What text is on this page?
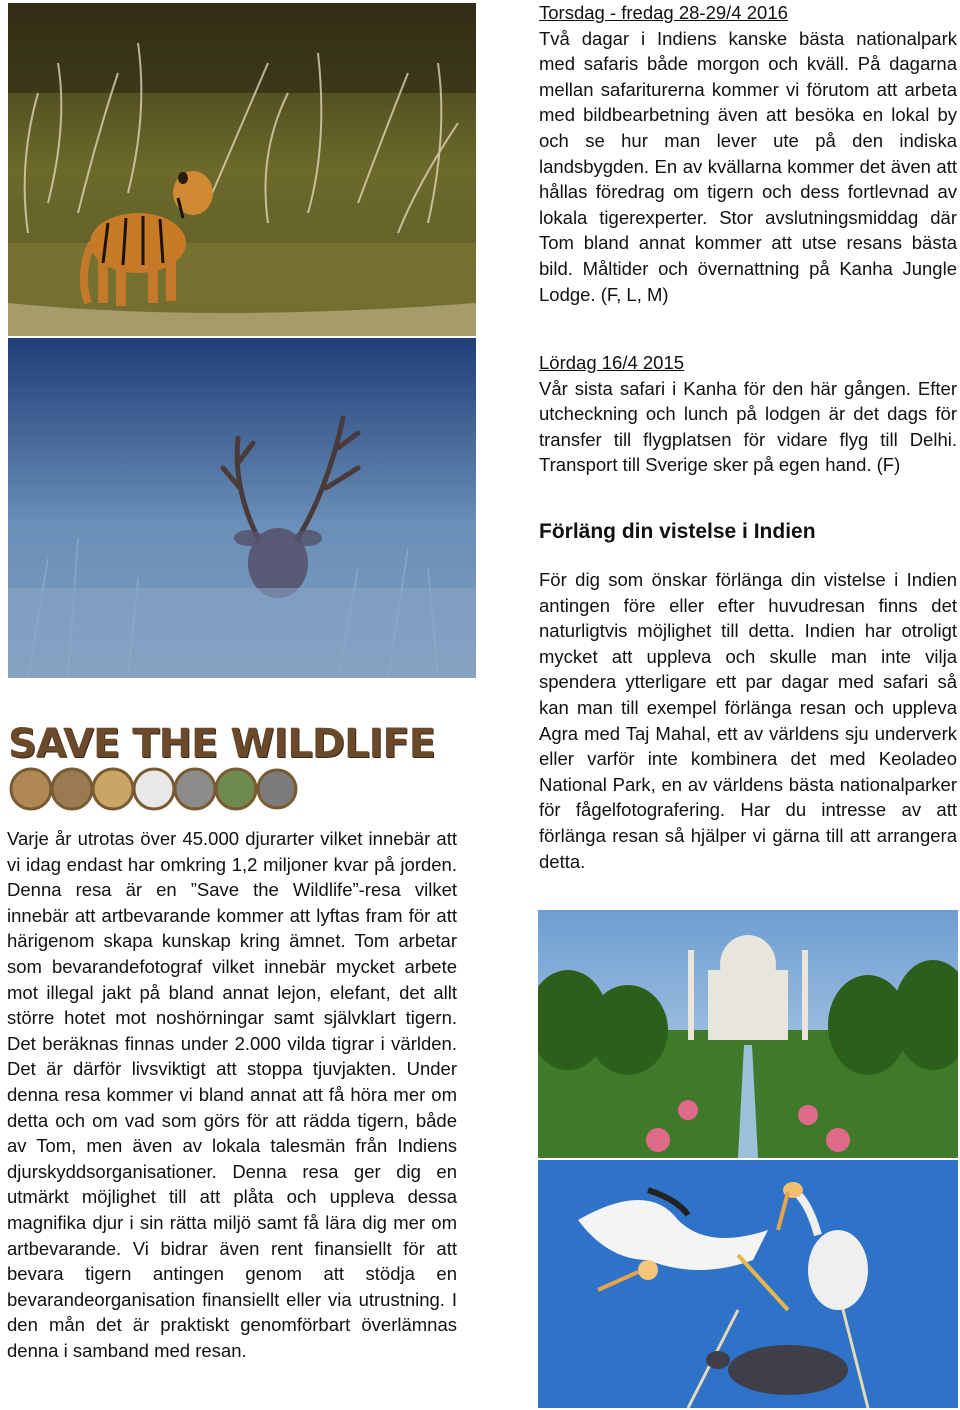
SAVE THE WILDLIFE

Varje år utrotas över 45.000 djurarter vilket innebär att vi idag endast har omkring 1,2 miljoner kvar på jorden. Denna resa är en ”Save the Wildlife”-resa vilket innebär att artbevarande kommer att lyftas fram för att härigenom skapa kunskap kring ämnet. Tom arbetar som bevarandefotograf vilket innebär mycket arbete mot illegal jakt på bland annat lejon, elefant, det allt större hotet mot noshörningar samt självklart tigern. Det beräknas finnas under 2.000 vilda tigrar i världen. Det är därför livsviktigt att stoppa tjuvjakten. Under denna resa kommer vi bland annat att få höra mer om detta och om vad som görs för att rädda tigern, både av Tom, men även av lokala talesmän från Indiens djurskyddsorganisationer. Denna resa ger dig en utmärkt möjlighet till att plåta och uppleva dessa magnifika djur i sin rätta miljö samt få lära dig mer om artbevarande. Vi bidrar även rent finansiellt för att bevara tigern antingen genom att stödja en bevarandeorganisation finansiellt eller via utrustning. I den mån det är praktiskt genomförbart överlämnas denna i samband med resan.

Torsdag - fredag 28-29/4 2016
Två dagar i Indiens kanske bästa nationalpark med safaris både morgon och kväll. På dagarna mellan safariturerna kommer vi förutom att arbeta med bildbearbetning även att besöka en lokal by och se hur man lever ute på den indiska landsbygden. En av kvällarna kommer det även att hållas föredrag om tigern och dess fortlevnad av lokala tigerexperter. Stor avslutningsmiddag där Tom bland annat kommer att utse resans bästa bild. Måltider och övernattning på Kanha Jungle Lodge. (F, L, M)

Lördag 16/4 2015
Vår sista safari i Kanha för den här gången. Efter utcheckning och lunch på lodgen är det dags för transfer till flygplatsen för vidare flyg till Delhi. Transport till Sverige sker på egen hand. (F)

Förläng din vistelse i Indien

För dig som önskar förlänga din vistelse i Indien antingen före eller efter huvudresan finns det naturligtvis möjlighet till detta. Indien har otroligt mycket att uppleva och skulle man inte vilja spendera ytterligare ett par dagar med safari så kan man till exempel förlänga resan och uppleva Agra med Taj Mahal, ett av världens sju underverk eller varför inte kombinera det med Keoladeo National Park, en av världens bästa nationalparker för fågelfotografering. Har du intresse av att förlänga resan så hjälper vi gärna till att arrangera detta.
